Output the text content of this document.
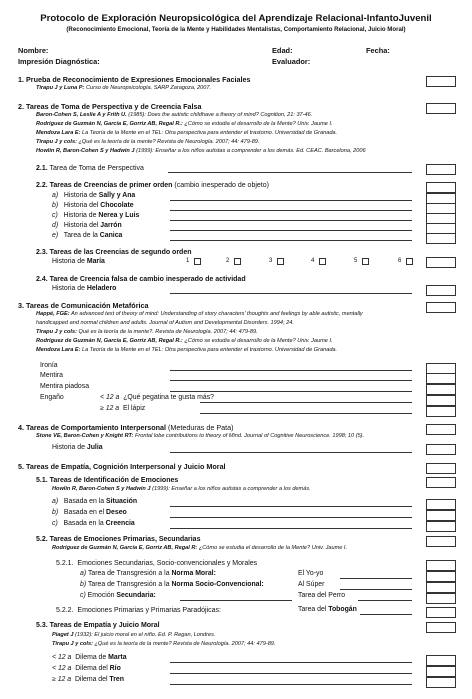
Protocolo de Exploración Neuropsicológica del Aprendizaje Relacional-InfantoJuvenil
(Reconocimiento Emocional, Teoría de la Mente y Habilidades Mentalistas, Comportamiento Relacional, Juicio Moral)
Nombre:	Edad:	Fecha:
Impresión Diagnóstica:	Evaluador:
1. Prueba de Reconocimiento de Expresiones Emocionales Faciales
Tirapu J y Luna P: Curso de Neuropsicología. SARP Zaragoza, 2007.
2. Tareas de Toma de Perspectiva y de Creencia Falsa
Baron-Cohen S, Leslie A y Frith U. (1985): Does the autistic childhave a theory of mind? Cognition, 21: 37-46.
Rodríguez de Guzmán N, García E, Gorriz AB, Regal R.: ¿Cómo se estudia el desarrollo de la Mente? Univ. Jaume I.
Mendoza Lara E: La Teoría de la Mente en el TEL: Otra perspectiva para entender el trastorno. Universidad de Granada.
Tirapu J y cols: ¿Qué es la teoría de la mente? Revista de Neurología. 2007; 44: 479-89.
Howlin R, Baron-Cohen S y Hadwin J (1999): Enseñar a los niños autistas a comprender a los demás. Ed. CEAC. Barcelona, 2006
2.1. Tarea de Toma de Perspectiva
2.2. Tareas de Creencias de primer orden (cambio inesperado de objeto)
a) Historia de Sally y Ana
b) Historia del Chocolate
c) Historia de Nerea y Luis
d) Historia del Jarrón
e) Tarea de la Canica
2.3. Tareas de las Creencias de segundo orden
Historia de María	1	2	3	4	5	6
2.4. Tarea de Creencia falsa de cambio inesperado de actividad
Historia de Heladero
3. Tareas de Comunicación Metafórica
Happé, FGE: An advanced test of theory of mind: Understanding of story characters' thoughts and feelings by able autistic, mentally
handicapped and normal children and adults. Journal of Autism and Developmental Disorders. 1994; 24.
Tirapu J y cols: Qué es la teoría de la mente?. Revista de Neurología. 2007; 44: 479-89.
Rodríguez de Guzmán N, García E, Gorriz AB, Regal R.: ¿Cómo se estudia el desarrollo de la Mente? Univ. Jaume I.
Mendoza Lara E: La Teoría de la Mente en el TEL: Otra perspectiva para entender el trastorno. Universidad de Granada.
Ironía
Mentira
Mentira piadosa
Engaño	< 12 a ¿Qué pegatina te gusta más?
≥ 12 a El lápiz
4. Tareas de Comportamiento Interpersonal (Meteduras de Pata)
Stone VE, Baron-Cohen y Knight RT: Frontal lobe contributions to theory of Mind. Journal of Cognitive Neuroscience. 1998; 10 (5).
Historia de Julia
5. Tareas de Empatía, Cognición Interpersonal y Juicio Moral
5.1. Tareas de Identificación de Emociones
Howlin R, Baron-Cohen S y Hadwin J (1999): Enseñar a los niños autistas a comprender a los demás.
a) Basada en la Situación
b) Basada en el Deseo
c) Basada en la Creencia
5.2. Tareas de Emociones Primarias, Secundarias
Rodríguez de Guzmán N, García E, Gorriz AB, Regal R: ¿Cómo se estudia el desarrollo de la Mente? Univ. Jaume I.
5.2.1. Emociones Secundarias, Socio-convencionales y Morales
a) Tarea de Transgresión a la Norma Moral:	El Yo-yo
b) Tarea de Transgresión a la Norma Socio-Convencional:	Al Súper
c) Emoción Secundaria:	Tarea del Perro
5.2.2. Emociones Primarias y Primarias Paradójicas:	Tarea del Tobogán
5.3. Tareas de Empatía y Juicio Moral
Piaget J (1932): El juicio moral en el niño. Ed. P. Regan, Londres.
Tirapu J y cols: ¿Qué es la teoría de la mente? Revista de Neurología. 2007; 44: 479-89.
< 12 a Dilema de Marta
< 12 a Dilema del Río
≥ 12 a Dilema del Tren
